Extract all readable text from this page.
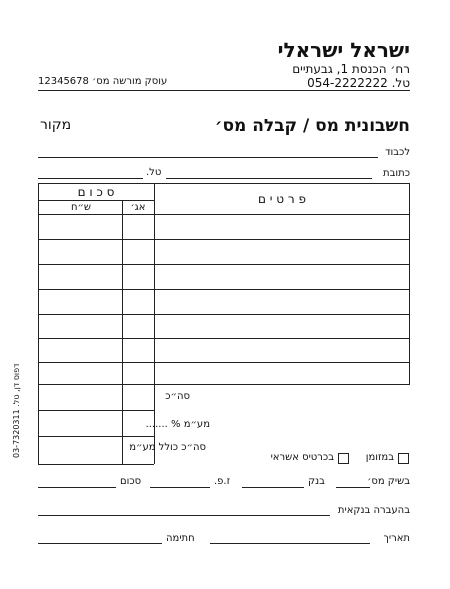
ישראל ישראלי
רח׳ הכנסת 1, גבעתיים
טל. 054-2222222
עוסק מורשה מס׳ 12345678
חשבונית מס / קבלה מס׳
מקור
לכבוד
כתובת
טל.
ס כ ו ם
ש״ח	אג׳
פ ר ט י ם
סה״כ
מע״מ % .......
סה״כ כולל מע״מ
דפוס דן, טל. 03-7320311
במזומן
בכרטיס אשראי
בשיק מס׳
בנק
ז.פ.
סכום
בהעברה בנקאית
תאריך
חתימה
